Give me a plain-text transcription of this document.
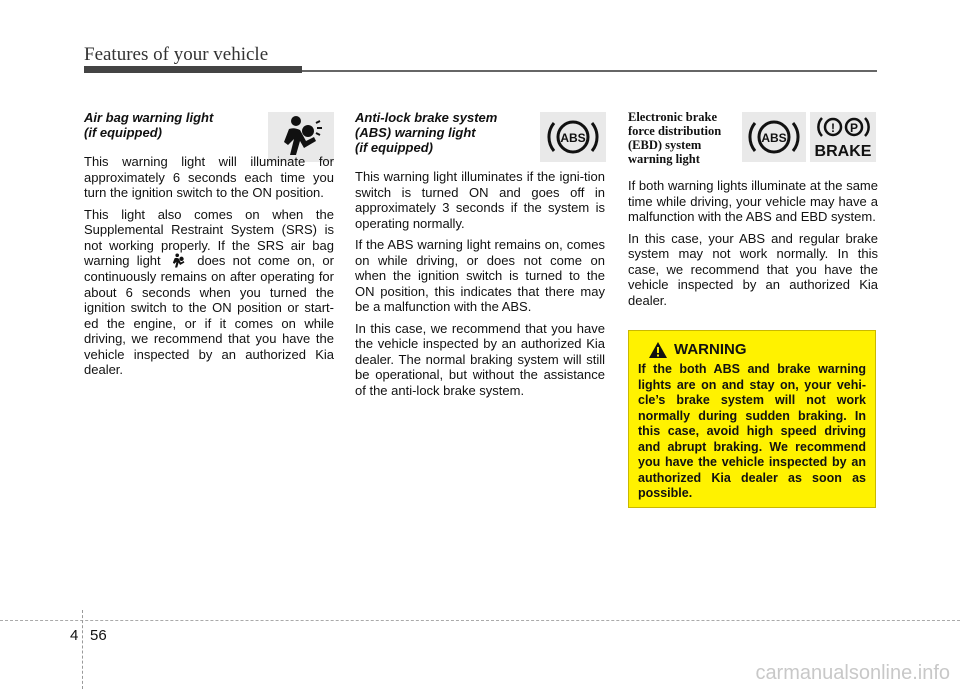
Features of your vehicle
Air bag warning light
(if equipped)

This warning light will illuminate for approximately 6 seconds each time you turn the ignition switch to the ON position.

This light also comes on when the Supplemental Restraint System (SRS) is not working properly. If the SRS air bag warning light	does not come on, or continuously remains on after operating for about 6 seconds when you turned the ignition switch to the ON position or start-ed the engine, or if it comes on while driving, we recommend that you have the vehicle inspected by an authorized Kia dealer.

ABS
Anti-lock brake system
(ABS) warning light
(if equipped)

This warning light illuminates if the igni-tion switch is turned ON and goes off in approximately 3 seconds if the system is operating normally.

If the ABS warning light remains on, comes on while driving, or does not come on when the ignition switch is turned to the ON position, this indicates that there may be a malfunction with the ABS.

In this case, we recommend that you have the vehicle inspected by an authorized Kia dealer. The normal braking system will still be operational, but without the assistance of the anti-lock brake system.

ABS
! P
BRAKE
Electronic brake force distribution (EBD) system warning light

If both warning lights illuminate at the same time while driving, your vehicle may have a malfunction with the ABS and EBD system.

In this case, your ABS and regular brake system may not work normally. In this case, we recommend that you have the vehicle inspected by an authorized Kia dealer.

WARNING
If the both ABS and brake warning lights are on and stay on, your vehi-cle’s brake system will not work normally during sudden braking. In this case, avoid high speed driving and abrupt braking. We recommend you have the vehicle inspected by an authorized Kia dealer as soon as possible.
4 56
carmanualsonline.info
